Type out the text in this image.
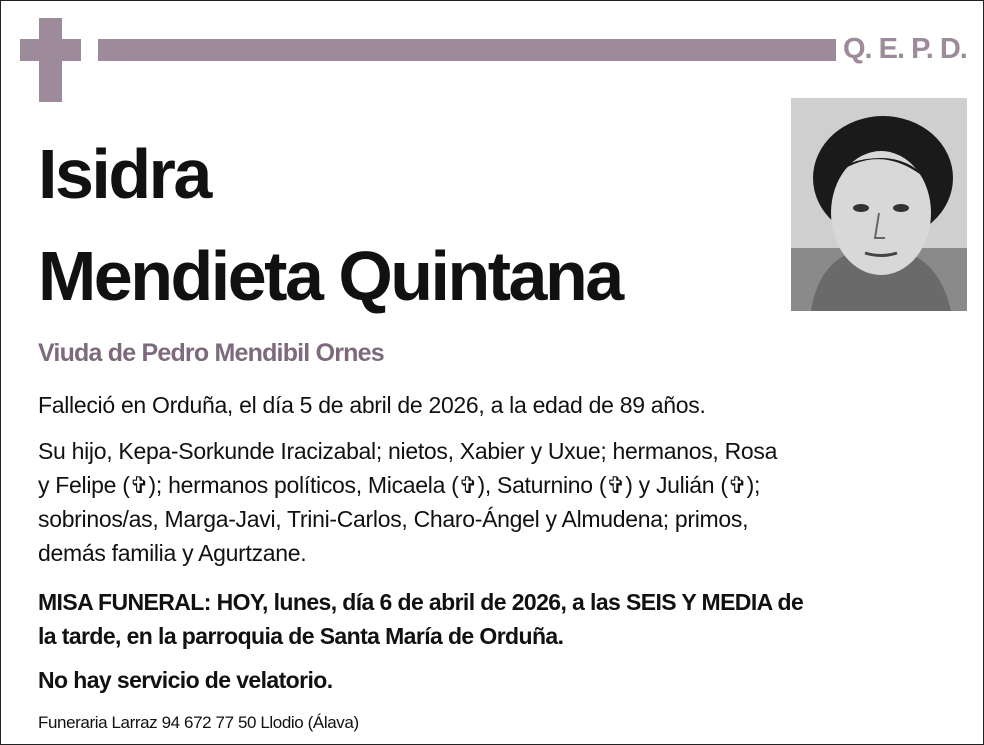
Q. E. P. D.
Isidra
Mendieta Quintana
Viuda de Pedro Mendibil Ornes
Falleció en Orduña, el día 5 de abril de 2026, a la edad de 89 años.
Su hijo, Kepa-Sorkunde Iracizabal; nietos, Xabier y Uxue; hermanos, Rosa
y Felipe (✞); hermanos políticos, Micaela (✞), Saturnino (✞) y Julián (✞);
sobrinos/as, Marga-Javi, Trini-Carlos, Charo-Ángel y Almudena; primos,
demás familia y Agurtzane.
MISA FUNERAL: HOY, lunes, día 6 de abril de 2026, a las SEIS Y MEDIA de
la tarde, en la parroquia de Santa María de Orduña.
No hay servicio de velatorio.
Funeraria Larraz 94 672 77 50 Llodio (Álava)
